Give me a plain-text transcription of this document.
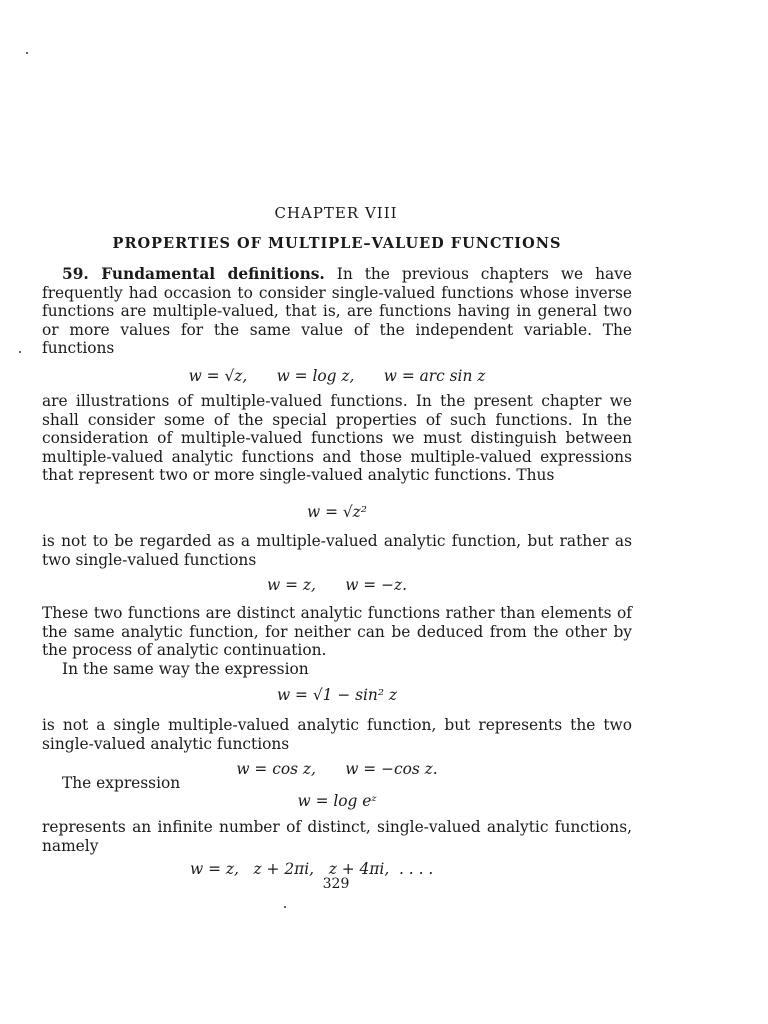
CHAPTER VIII
PROPERTIES OF MULTIPLE–VALUED FUNCTIONS
59. Fundamental definitions. In the previous chapters we have frequently had occasion to consider single-valued functions whose inverse functions are multiple-valued, that is, are functions having in general two or more values for the same value of the independent variable. The functions
w = √z,      w = log z,      w = arc sin z
are illustrations of multiple-valued functions. In the present chapter we shall consider some of the special properties of such functions. In the consideration of multiple-valued functions we must distinguish between multiple-valued analytic functions and those multiple-valued expressions that represent two or more single-valued analytic functions. Thus
w = √z²
is not to be regarded as a multiple-valued analytic function, but rather as two single-valued functions
w = z,      w = −z.
These two functions are distinct analytic functions rather than elements of the same analytic function, for neither can be deduced from the other by the process of analytic continuation.
In the same way the expression
w = √1 − sin² z
is not a single multiple-valued analytic function, but represents the two single-valued analytic functions
w = cos z,      w = −cos z.
The expression
w = log eᶻ
represents an infinite number of distinct, single-valued analytic functions, namely
w = z,   z + 2πi,   z + 4πi,  . . . .
329
